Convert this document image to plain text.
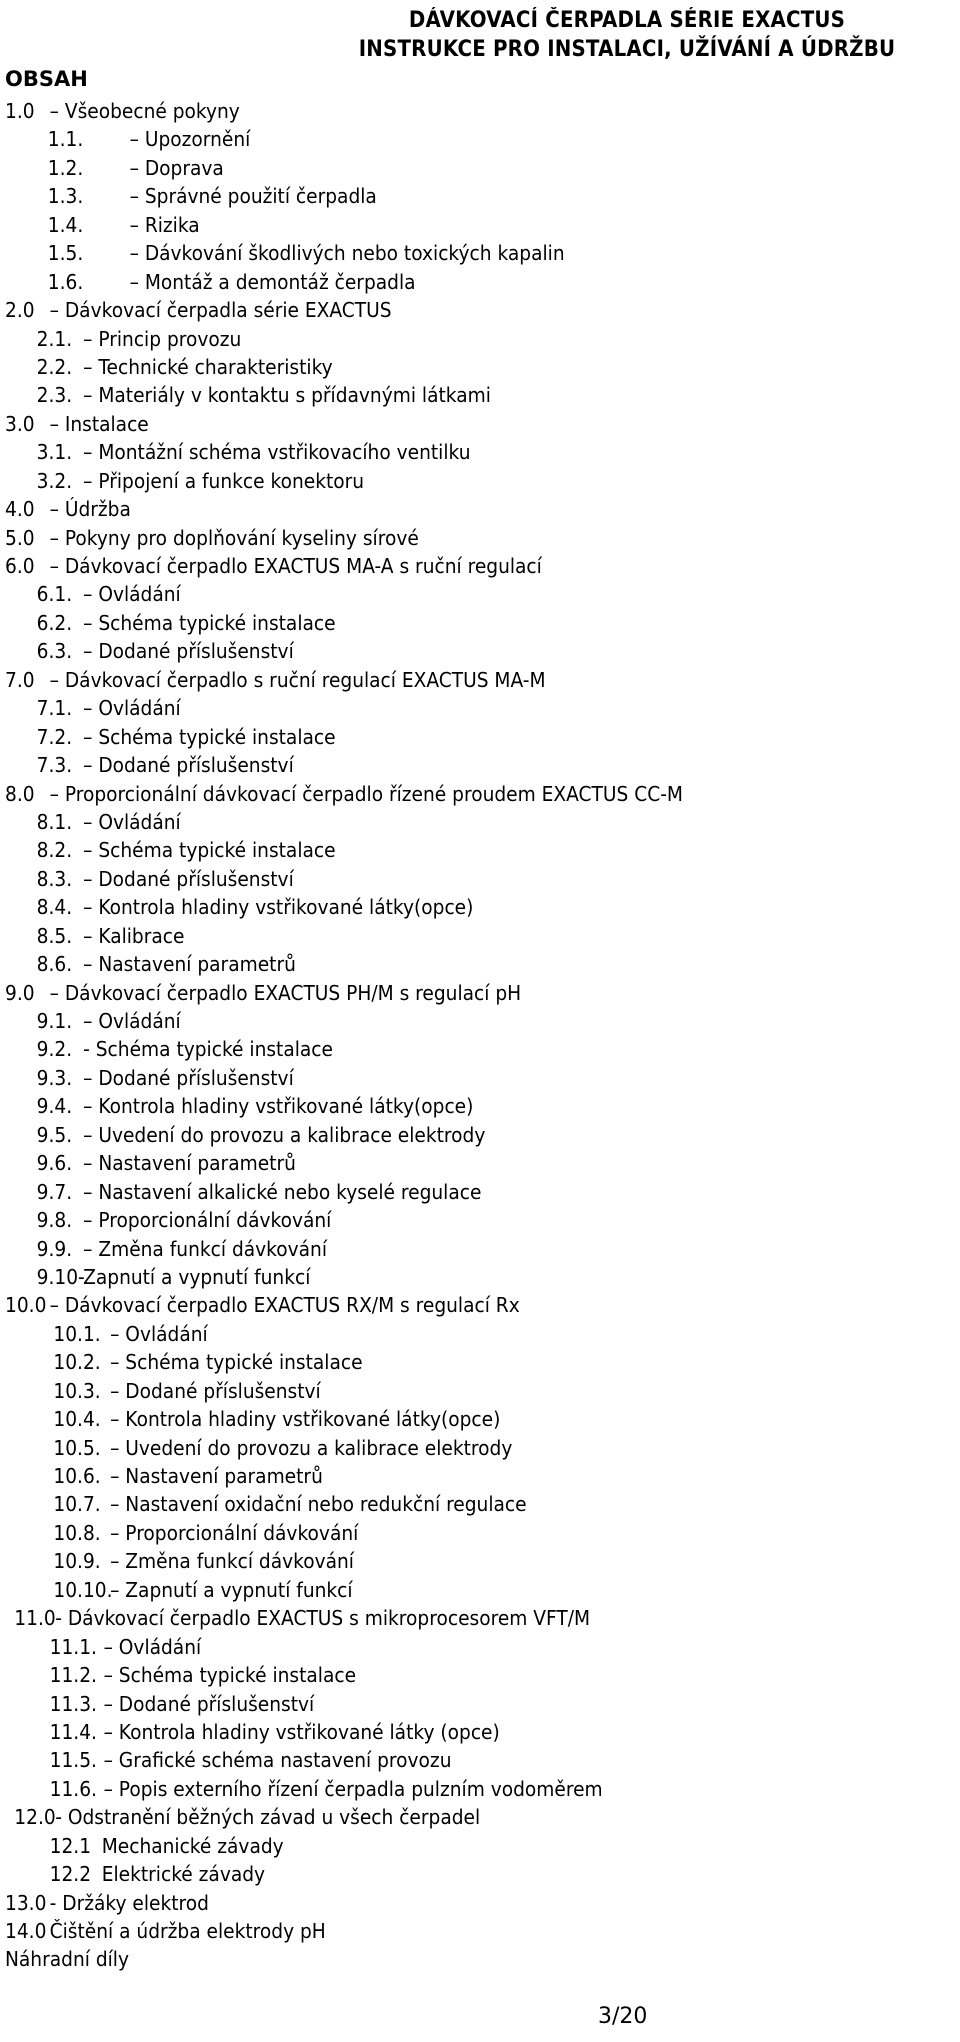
DÁVKOVACÍ ČERPADLA SÉRIE EXACTUS
INSTRUKCE PRO INSTALACI, UŽÍVÁNÍ A ÚDRŽBU
OBSAH
1.0 – Všeobecné pokyny
1.1. – Upozornění
1.2. – Doprava
1.3. – Správné použití čerpadla
1.4. – Rizika
1.5. – Dávkování škodlivých nebo toxických kapalin
1.6. – Montáž a demontáž čerpadla
2.0 – Dávkovací čerpadla série EXACTUS
2.1. – Princip provozu
2.2. – Technické charakteristiky
2.3. – Materiály v kontaktu s přídavnými látkami
3.0 – Instalace
3.1. – Montážní schéma vstřikovacího ventilku
3.2. – Připojení a funkce konektoru
4.0 – Údržba
5.0 – Pokyny pro doplňování kyseliny sírové
6.0 – Dávkovací čerpadlo EXACTUS MA-A s ruční regulací
6.1. – Ovládání
6.2. – Schéma typické instalace
6.3. – Dodané příslušenství
7.0 – Dávkovací čerpadlo s ruční regulací EXACTUS MA-M
7.1. – Ovládání
7.2. – Schéma typické instalace
7.3. – Dodané příslušenství
8.0 – Proporcionální dávkovací čerpadlo řízené proudem EXACTUS CC-M
8.1. – Ovládání
8.2. – Schéma typické instalace
8.3. – Dodané příslušenství
8.4. – Kontrola hladiny vstřikované látky(opce)
8.5. – Kalibrace
8.6. – Nastavení parametrů
9.0 – Dávkovací čerpadlo EXACTUS PH/M s regulací pH
9.1. – Ovládání
9.2. - Schéma typické instalace
9.3. – Dodané příslušenství
9.4. – Kontrola hladiny vstřikované látky(opce)
9.5. – Uvedení do provozu a kalibrace elektrody
9.6. – Nastavení parametrů
9.7. – Nastavení alkalické nebo kyselé regulace
9.8. – Proporcionální dávkování
9.9. – Změna funkcí dávkování
9.10-Zapnutí a vypnutí funkcí
10.0 – Dávkovací čerpadlo EXACTUS RX/M s regulací Rx
10.1. – Ovládání
10.2. – Schéma typické instalace
10.3. – Dodané příslušenství
10.4. – Kontrola hladiny vstřikované látky(opce)
10.5. – Uvedení do provozu a kalibrace elektrody
10.6. – Nastavení parametrů
10.7. – Nastavení oxidační nebo redukční regulace
10.8. – Proporcionální dávkování
10.9. – Změna funkcí dávkování
10.10.– Zapnutí a vypnutí funkcí
11.0- Dávkovací čerpadlo EXACTUS s mikroprocesorem VFT/M
11.1. – Ovládání
11.2. – Schéma typické instalace
11.3. – Dodané příslušenství
11.4. – Kontrola hladiny vstřikované látky (opce)
11.5. – Grafické schéma nastavení provozu
11.6. – Popis externího řízení čerpadla pulzním vodoměrem
12.0- Odstranění běžných závad u všech čerpadel
12.1 Mechanické závady
12.2 Elektrické závady
13.0 - Držáky elektrod
14.0 Čištění a údržba elektrody pH
Náhradní díly
3/20
